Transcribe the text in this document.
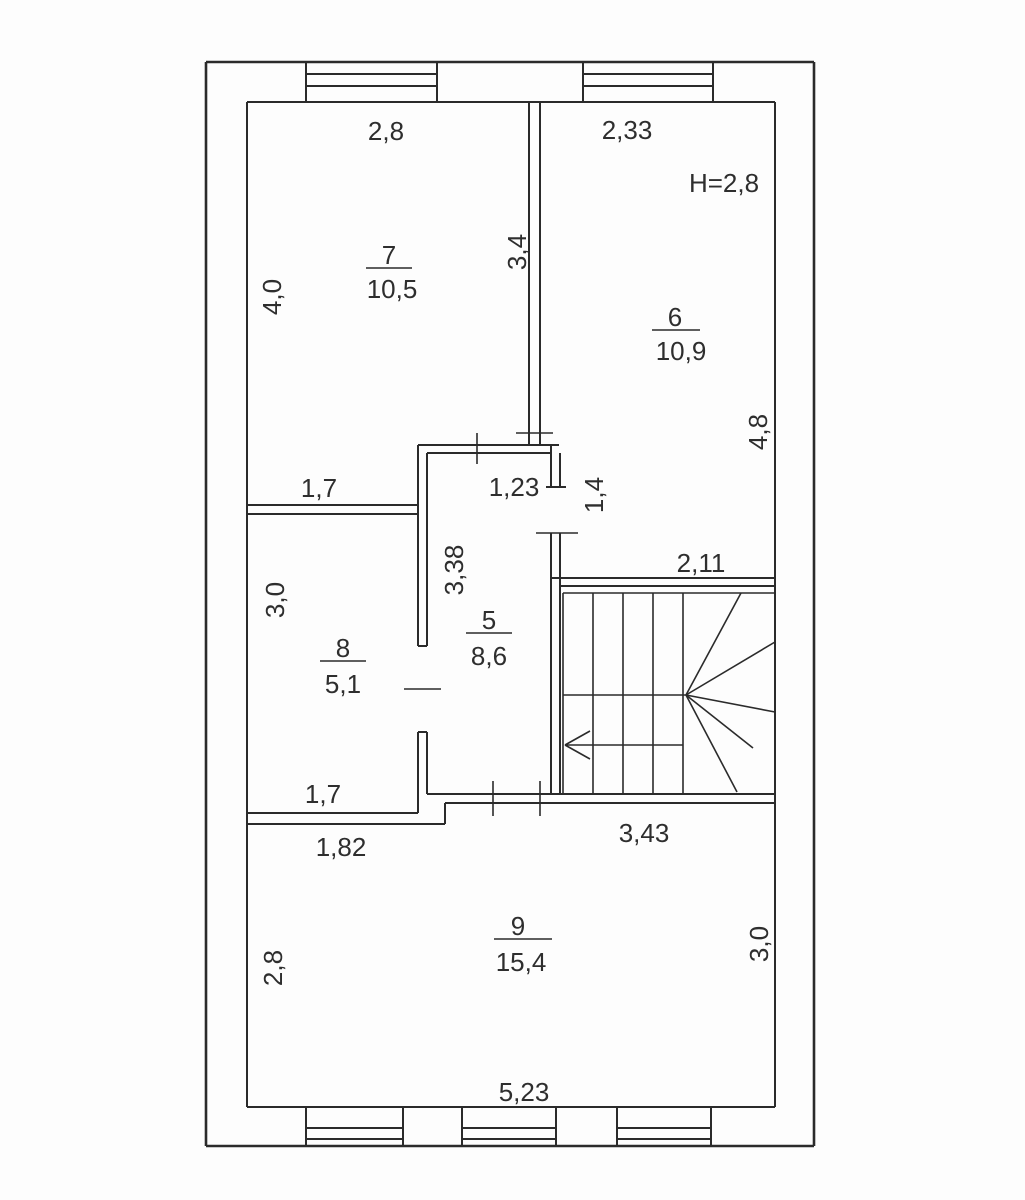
2,8	2,33
H=2,8
2,11
1,23
1,7
1,7
1,82	3,43
5,23
4,0
3,4
4,8
1,4
3,38
3,0
2,8
3,0
7
10,5
6
10,9
5
8,6
8
5,1
9
15,4
